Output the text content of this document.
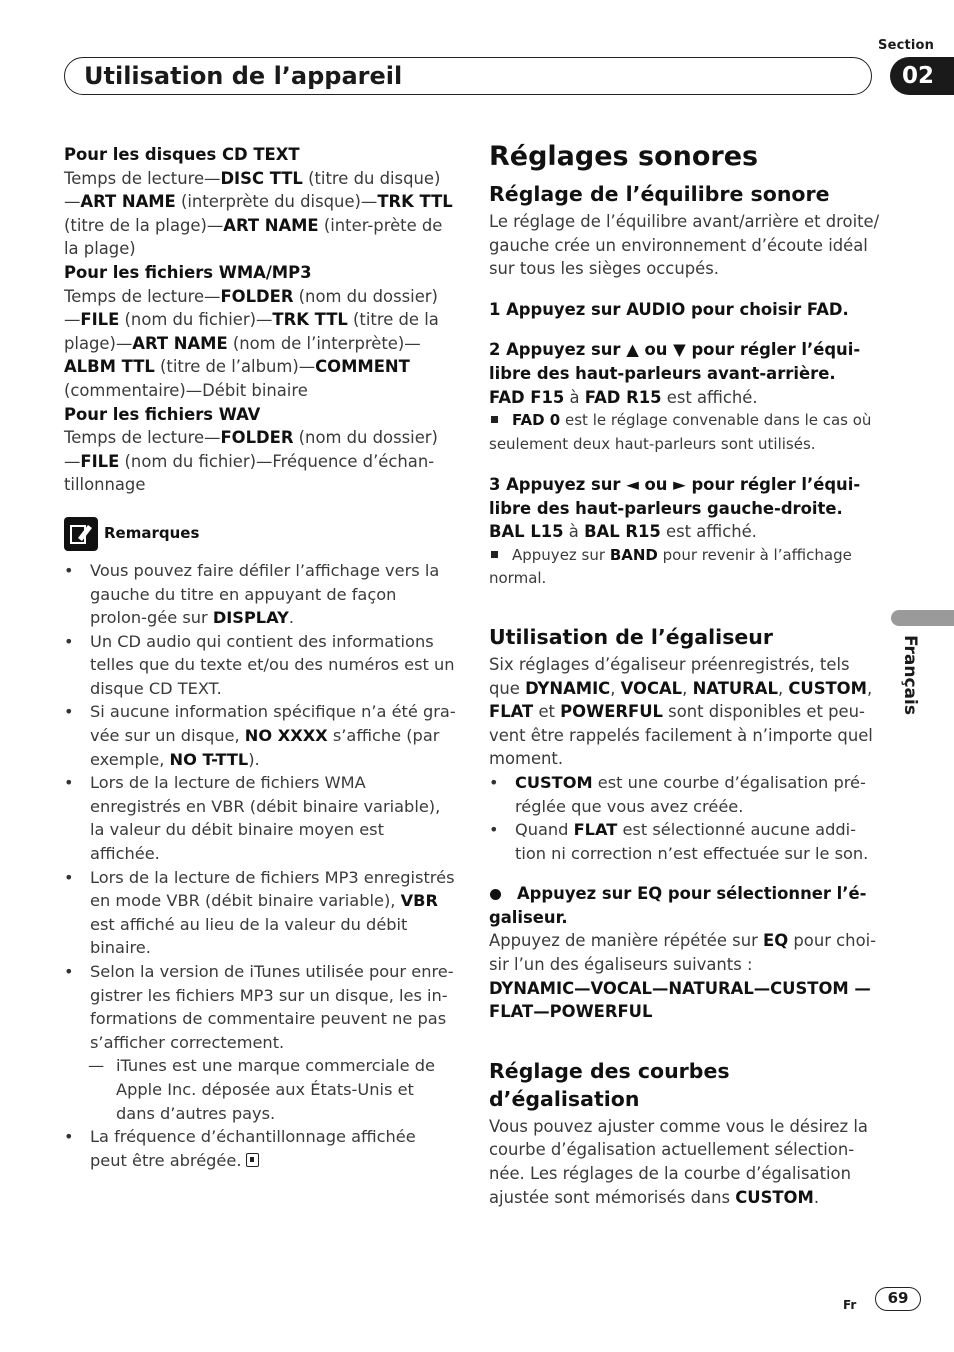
Section
Utilisation de l’appareil	02
Français

Pour les disques CD TEXT

Temps de lecture—DISC TTL (titre du disque) —ART NAME (interprète du disque)—TRK TTL (titre de la plage)—ART NAME (inter-prète de la plage)

Pour les fichiers WMA/MP3

Temps de lecture—FOLDER (nom du dossier) —FILE (nom du fichier)—TRK TTL (titre de la plage)—ART NAME (nom de l’interprète)—ALBM TTL (titre de l’album)—COMMENT (commentaire)—Débit binaire

Pour les fichiers WAV

Temps de lecture—FOLDER (nom du dossier) —FILE (nom du fichier)—Fréquence d’échan-tillonnage

Remarques
• Vous pouvez faire défiler l’affichage vers la gauche du titre en appuyant de façon prolon-gée sur DISPLAY.
• Un CD audio qui contient des informations telles que du texte et/ou des numéros est un disque CD TEXT.
• Si aucune information spécifique n’a été gra-vée sur un disque, NO XXXX s’affiche (par exemple, NO T-TTL).
• Lors de la lecture de fichiers WMA enregistrés en VBR (débit binaire variable), la valeur du débit binaire moyen est affichée.
• Lors de la lecture de fichiers MP3 enregistrés en mode VBR (débit binaire variable), VBR est affiché au lieu de la valeur du débit binaire.
• Selon la version de iTunes utilisée pour enre-gistrer les fichiers MP3 sur un disque, les in-formations de commentaire peuvent ne pas s’afficher correctement.
— iTunes est une marque commerciale de Apple Inc. déposée aux États-Unis et dans d’autres pays.
• La fréquence d’échantillonnage affichée peut être abrégée.

Réglages sonores

Réglage de l’équilibre sonore

Le réglage de l’équilibre avant/arrière et droite/ gauche crée un environnement d’écoute idéal sur tous les sièges occupés.

1 Appuyez sur AUDIO pour choisir FAD.

2 Appuyez sur ▲ ou ▼ pour régler l’équi-libre des haut-parleurs avant-arrière.

FAD F15 à FAD R15 est affiché.

FAD 0 est le réglage convenable dans le cas où seulement deux haut-parleurs sont utilisés.

3 Appuyez sur ◄ ou ► pour régler l’équi-libre des haut-parleurs gauche-droite.

BAL L15 à BAL R15 est affiché.

Appuyez sur BAND pour revenir à l’affichage normal.

Utilisation de l’égaliseur

Six réglages d’égaliseur préenregistrés, tels que DYNAMIC, VOCAL, NATURAL, CUSTOM, FLAT et POWERFUL sont disponibles et peu-vent être rappelés facilement à n’importe quel moment.

• CUSTOM est une courbe d’égalisation pré-réglée que vous avez créée.
• Quand FLAT est sélectionné aucune addi-tion ni correction n’est effectuée sur le son.

Appuyez sur EQ pour sélectionner l’é-galiseur.

Appuyez de manière répétée sur EQ pour choi-sir l’un des égaliseurs suivants :

DYNAMIC—VOCAL—NATURAL—CUSTOM —FLAT—POWERFUL

Réglage des courbes d’égalisation

Vous pouvez ajuster comme vous le désirez la courbe d’égalisation actuellement sélection-née. Les réglages de la courbe d’égalisation ajustée sont mémorisés dans CUSTOM.

Fr	69
